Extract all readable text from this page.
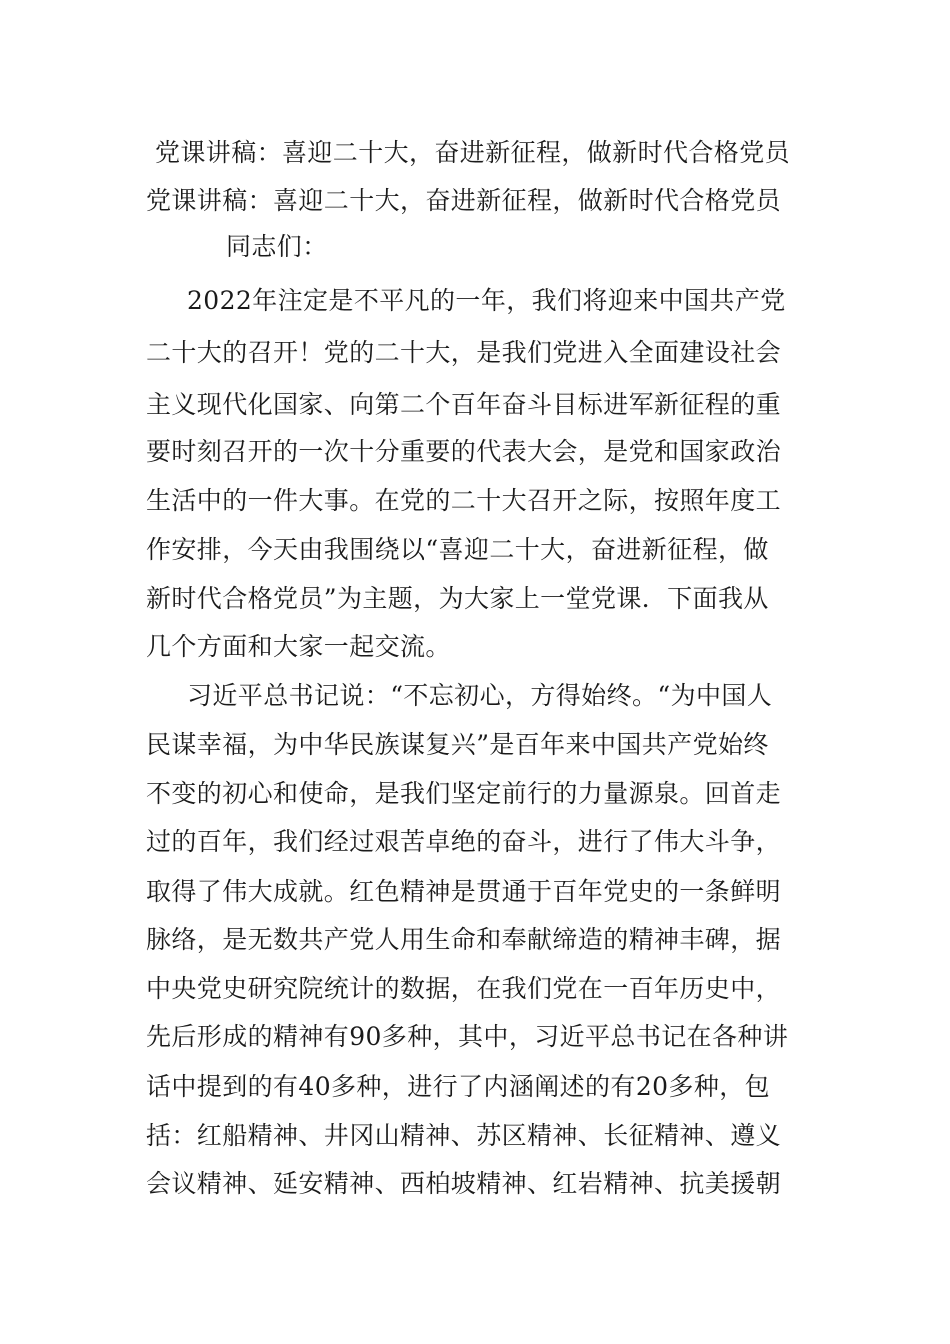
党课讲稿：喜迎二十大，奋进新征程，做新时代合格党员
党课讲稿：喜迎二十大，奋进新征程，做新时代合格党员
同志们：
2022年注定是不平凡的一年，我们将迎来中国共产党
二十大的召开！党的二十大，是我们党进入全面建设社会
主义现代化国家、向第二个百年奋斗目标进军新征程的重
要时刻召开的一次十分重要的代表大会，是党和国家政治
生活中的一件大事。在党的二十大召开之际，按照年度工
作安排，今天由我围绕以“喜迎二十大，奋进新征程，做
新时代合格党员”为主题，为大家上一堂党课．下面我从
几个方面和大家一起交流。
习近平总书记说：“不忘初心，方得始终。“为中国人
民谋幸福，为中华民族谋复兴”是百年来中国共产党始终
不变的初心和使命，是我们坚定前行的力量源泉。回首走
过的百年，我们经过艰苦卓绝的奋斗，进行了伟大斗争，
取得了伟大成就。红色精神是贯通于百年党史的一条鲜明
脉络，是无数共产党人用生命和奉献缔造的精神丰碑，据
中央党史研究院统计的数据，在我们党在一百年历史中，
先后形成的精神有90多种，其中，习近平总书记在各种讲
话中提到的有40多种，进行了内涵阐述的有20多种，包
括：红船精神、井冈山精神、苏区精神、长征精神、遵义
会议精神、延安精神、西柏坡精神、红岩精神、抗美援朝
